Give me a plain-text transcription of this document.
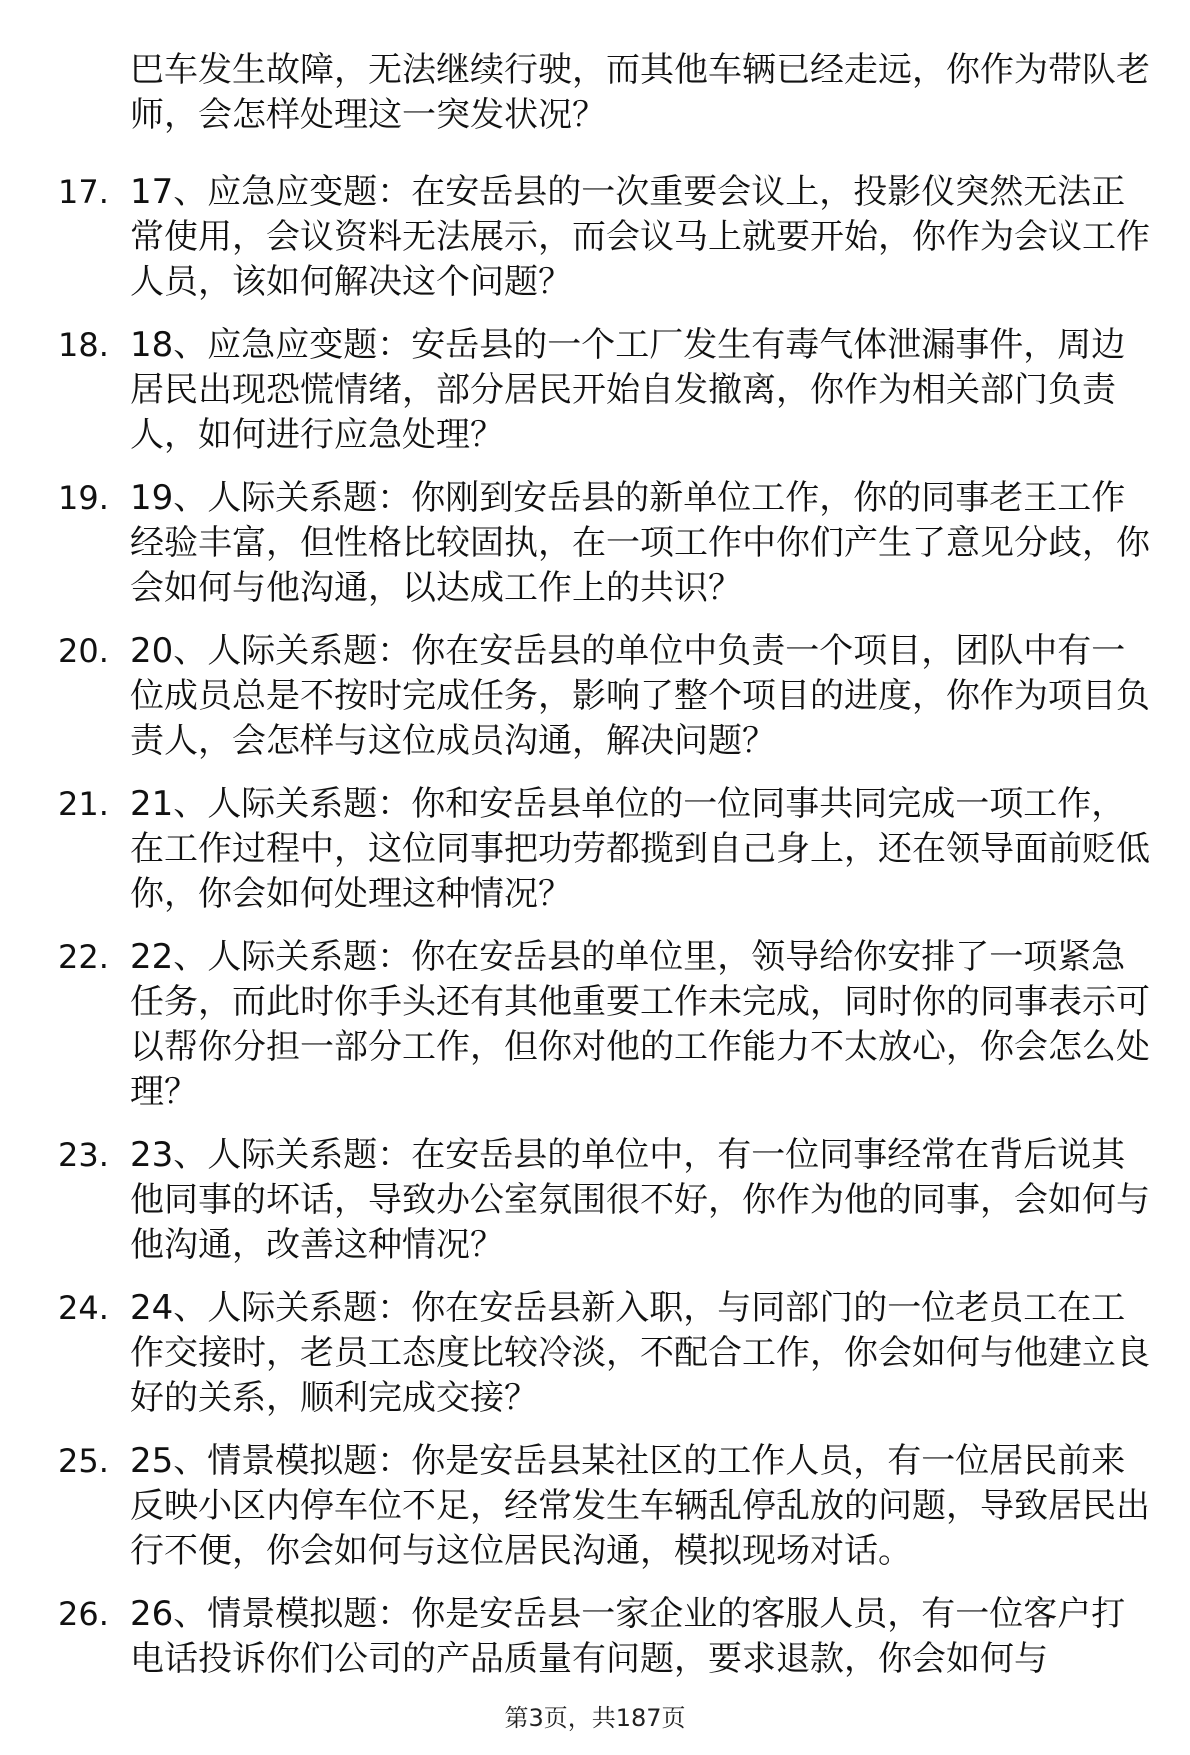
巴车发生故障，无法继续行驶，而其他车辆已经走远，你作为带队老师，会怎样处理这一突发状况？

17. 17、应急应变题：在安岳县的一次重要会议上，投影仪突然无法正常使用，会议资料无法展示，而会议马上就要开始，你作为会议工作人员，该如何解决这个问题？
18. 18、应急应变题：安岳县的一个工厂发生有毒气体泄漏事件，周边居民出现恐慌情绪，部分居民开始自发撤离，你作为相关部门负责人，如何进行应急处理？
19. 19、人际关系题：你刚到安岳县的新单位工作，你的同事老王工作经验丰富，但性格比较固执，在一项工作中你们产生了意见分歧，你会如何与他沟通，以达成工作上的共识？
20. 20、人际关系题：你在安岳县的单位中负责一个项目，团队中有一位成员总是不按时完成任务，影响了整个项目的进度，你作为项目负责人，会怎样与这位成员沟通，解决问题？
21. 21、人际关系题：你和安岳县单位的一位同事共同完成一项工作，在工作过程中，这位同事把功劳都揽到自己身上，还在领导面前贬低你，你会如何处理这种情况？
22. 22、人际关系题：你在安岳县的单位里，领导给你安排了一项紧急任务，而此时你手头还有其他重要工作未完成，同时你的同事表示可以帮你分担一部分工作，但你对他的工作能力不太放心，你会怎么处理？
23. 23、人际关系题：在安岳县的单位中，有一位同事经常在背后说其他同事的坏话，导致办公室氛围很不好，你作为他的同事，会如何与他沟通，改善这种情况？
24. 24、人际关系题：你在安岳县新入职，与同部门的一位老员工在工作交接时，老员工态度比较冷淡，不配合工作，你会如何与他建立良好的关系，顺利完成交接？
25. 25、情景模拟题：你是安岳县某社区的工作人员，有一位居民前来反映小区内停车位不足，经常发生车辆乱停乱放的问题，导致居民出行不便，你会如何与这位居民沟通，模拟现场对话。
26. 26、情景模拟题：你是安岳县一家企业的客服人员，有一位客户打电话投诉你们公司的产品质量有问题，要求退款，你会如何与
第3页，共187页
